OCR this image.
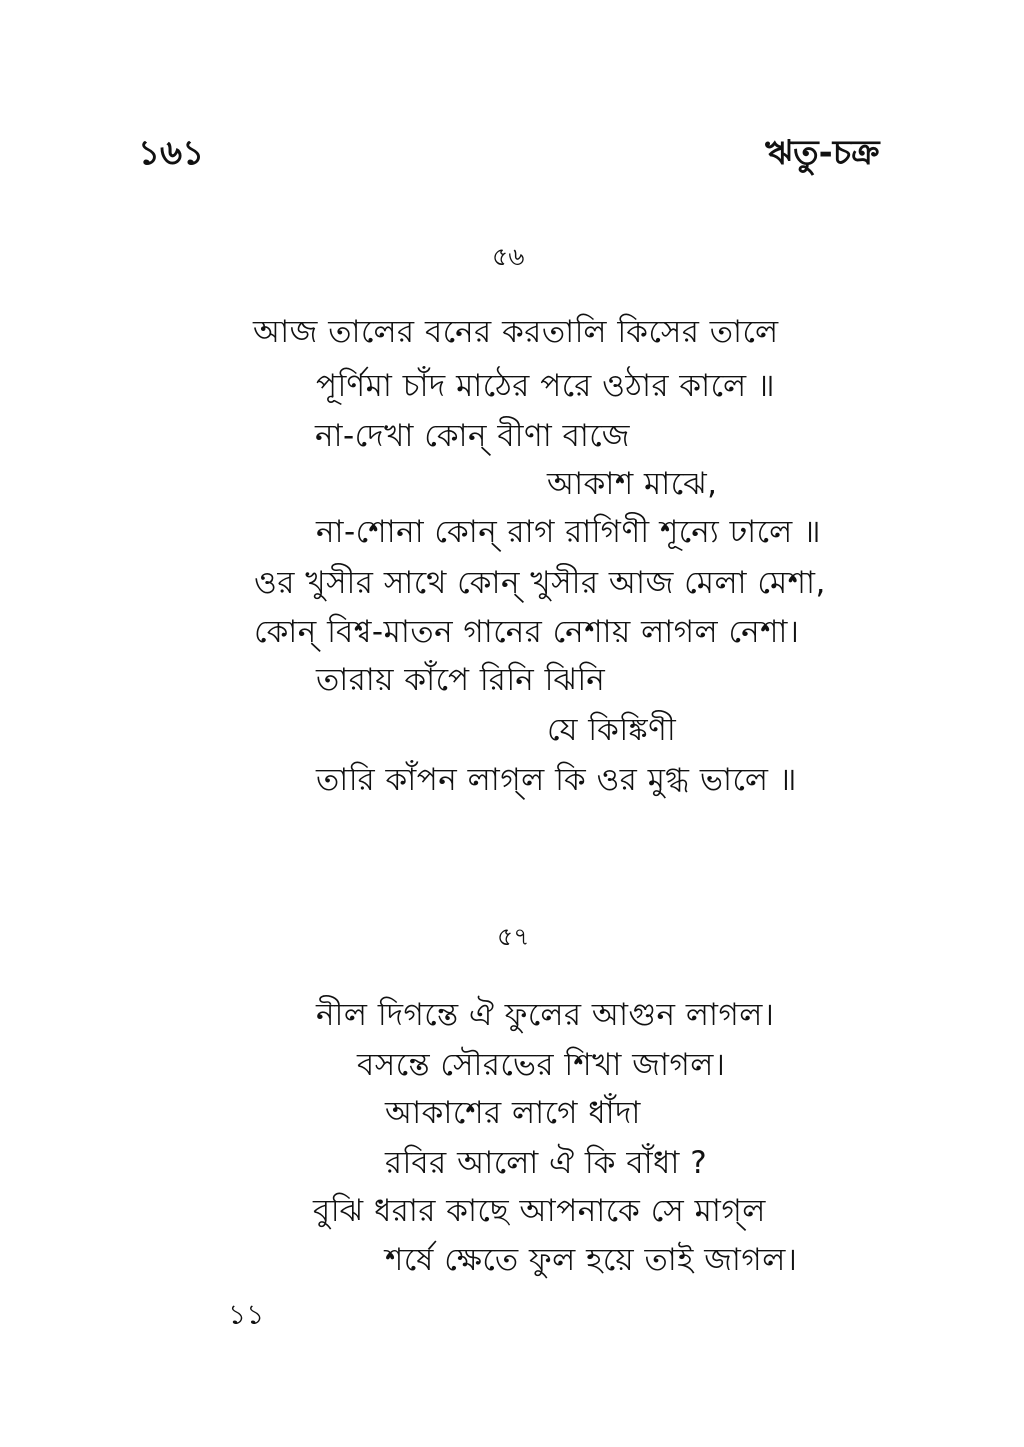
১৬১	ঋতু-চক্র
৫৬
আজ তালের বনের করতালি কিসের তালে
পূর্ণিমা চাঁদ মাঠের পরে ওঠার কালে ॥
না-দেখা কোন্ বীণা বাজে
আকাশ মাঝে,
না-শোনা কোন্ রাগ রাগিণী শূন্যে ঢালে ॥
ওর খুসীর সাথে কোন্ খুসীর আজ মেলা মেশা,
কোন্ বিশ্ব-মাতন গানের নেশায় লাগল নেশা।
তারায় কাঁপে রিনি ঝিনি
যে কিঙ্কিণী
তারি কাঁপন লাগ্‌ল কি ওর মুগ্ধ ভালে ॥
৫৭
নীল দিগন্তে ঐ ফুলের আগুন লাগল।
বসন্তে সৌরভের শিখা জাগল।
আকাশের লাগে ধাঁদা
রবির আলো ঐ কি বাঁধা ?
বুঝি ধরার কাছে আপনাকে সে মাগ্‌ল
শর্ষে ক্ষেতে ফুল হয়ে তাই জাগল।
১১
